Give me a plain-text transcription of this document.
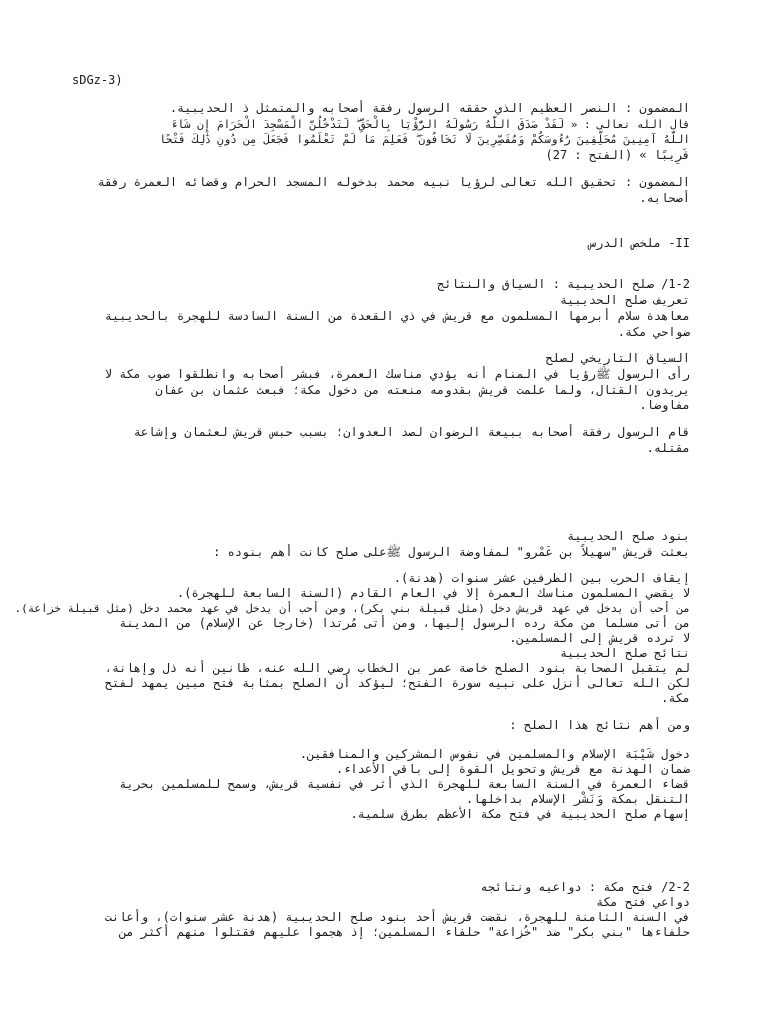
sDGz-3)
المضمون : النصر العظيم الذي حققه الرسول رفقة أصحابه والمتمثل ذ الحديبية.
قال الله تعالى : « لَقَدْ صَدَقَ اللَّهُ رَسُولَهُ الرُّؤْيَا بِالْحَقِّ ۖ لَتَدْخُلُنَّ الْمَسْجِدَ الْحَرَامَ إِن شَاءَ
اللَّهُ آمِنِينَ مُحَلِّقِينَ رُءُوسَكُمْ وَمُقَصِّرِينَ لَا تَخَافُونَ ۖ فَعَلِمَ مَا لَمْ تَعْلَمُوا فَجَعَلَ مِن دُونِ ذَٰلِكَ فَتْحًا
قَرِيبًا » (الفتح : 27)
المضمون : تحقيق الله تعالى لرؤيا نبيه محمد بدخوله المسجد الحرام وقضائه العمرة رفقة
أصحابه.
II- ملخص الدرس
1-2/ صلح الحديبية : السياق والنتائج
تعريف صلح الحديبية
معاهدة سلام أبرمها المسلمون مع قريش في ذي القعدة من السنة السادسة للهجرة بالحديبية
ضواحي مكة.
السياق التاريخي لصلح
رأى الرسول ﷺرؤيا في المنام أنه يؤدي مناسك العمرة، فبشر أصحابه وانطلقوا صوب مكة لا
يريدون القتال، ولما علمت قريش بقدومه منعته من دخول مكة؛ فبعث عثمان بن عفان
مفاوضا.
قام الرسول رفقة أصحابه ببيعة الرضوان لصد العدوان؛ بسبب حبس قريش لعثمان وإشاعة
مقتله.
بنود صلح الحديبية
بعثت قريش "سهيلاً بن عَمْرو" لمفاوضة الرسول ﷺعلى صلح كانت أهم بنوده :
إيقاف الحرب بين الطرفين عشر سنوات (هدنة).
لا يقضي المسلمون مناسك العمرة إلا في العام القادم (السنة السابعة للهجرة).
من أحب أن يدخل في عهد قريش دخل (مثل قبيلة بني بكر)، ومن أحب أن يدخل في عهد محمد دخل (مثل قبيلة خزاعة).
من أتى مسلما من مكة رده الرسول إليها، ومن أتى مُرتدا (خارجا عن الإسلام) من المدينة
لا ترده قريش إلى المسلمين.
نتائج صلح الحديبية
لم يتقبل الصحابة بنود الصلح خاصة عمر بن الخطاب رضي الله عنه، ظانين أنه ذل وإهانة،
لكن الله تعالى أنزل على نبيه سورة الفتح؛ ليؤكد أن الصلح بمثابة فتح مبين يمهد لفتح
مكة.
ومن أهم نتائج هذا الصلح :
دخول شَيْبَة الإسلام والمسلمين في نفوس المشركين والمنافقين.
ضمان الهدنة مع قريش وتحويل القوة إلى باقي الأعداء.
قضاء العمرة في السنة السابعة للهجرة الذي أثر في نفسية قريش، وسمح للمسلمين بحرية
التنقل بمكة وَنَشْر الإسلام بداخلها.
إسهام صلح الحديبية في فتح مكة الأعظم بطرق سلمية.
2-2/ فتح مكة : دواعيه ونتائجه
دواعي فتح مكة
في السنة الثامنة للهجرة، نقضت قريش أحد بنود صلح الحديبية (هدنة عشر سنوات)، وأعانت
حلفاءها "بني بكر" ضد "خُزاعة" حلفاء المسلمين؛ إذ هجموا عليهم فقتلوا منهم أكثر من
